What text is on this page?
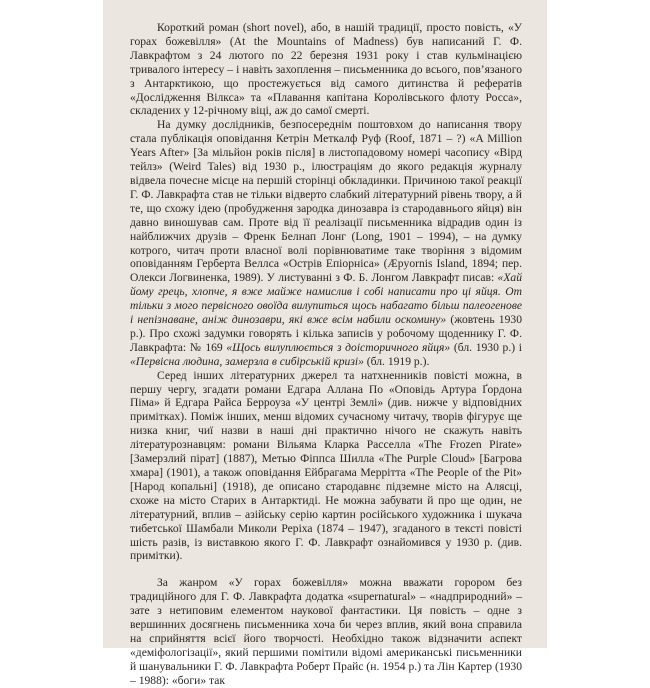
Короткий роман (short novel), або, в нашій традиції, просто повість, «У горах божевілля» (At the Mountains of Madness) був написаний Г. Ф. Лавкрафтом з 24 лютого по 22 березня 1931 року і став кульмінацією тривалого інтересу – і навіть захоплення – письменника до всього, пов’язаного з Антарктикою, що простежується від самого дитинства й рефератів «Дослідження Вілкса» та «Плавання капітана Королівського флоту Росса», складених у 12-річному віці, аж до самої смерті.

На думку дослідників, безпосереднім поштовхом до написання твору стала публікація оповідання Кетрін Меткалф Руф (Roof, 1871 – ?) «A Million Years After» [За мільйон років після] в листопадовому номері часопису «Вірд тейлз» (Weird Tales) від 1930 р., ілюстраціям до якого редакція журналу відвела почесне місце на першій сторінці обкладинки. Причиною такої реакції Г. Ф. Лавкрафта став не тільки відверто слабкий літературний рівень твору, а й те, що схожу ідею (пробудження зародка динозавра із стародавнього яйця) він давно виношував сам. Проте від її реалізації письменника відрадив один із найближчих друзів – Френк Белнап Лонг (Long, 1901 – 1994), – на думку котрого, читач проти власної волі порівнюватиме таке творіння з відомим оповіданням Герберта Веллса «Острів Епіорніса» (Æpyornis Island, 1894; пер. Олекси Логвиненка, 1989). У листуванні з Ф. Б. Лонгом Лавкрафт писав: «Хай йому грець, хлопче, я вже майже намислив і собі написати про ці яйця. От тільки з мого первісного овоїда вилупиться щось набагато більш палеогенове і непізнаване, аніж динозаври, які вже всім набили оскомину» (жовтень 1930 р.). Про схожі задумки говорять і кілька записів у робочому щоденнику Г. Ф. Лавкрафта: № 169 «Щось вилуплюється з доісторичного яйця» (бл. 1930 р.) і «Первісна людина, замерзла в сибірській кризі» (бл. 1919 р.).

Серед інших літературних джерел та натхненників повісті можна, в першу чергу, згадати романи Едгара Аллана По «Оповідь Артура Ґордона Піма» й Едгара Райса Берроуза «У центрі Землі» (див. нижче у відповідних примітках). Поміж інших, менш відомих сучасному читачу, творів фігурує ще низка книг, чиї назви в наші дні практично нічого не скажуть навіть літературознавцям: романи Вільяма Кларка Расселла «The Frozen Pirate» [Замерзлий пірат] (1887), Метью Фіппса Шилла «The Purple Cloud» [Багрова хмара] (1901), а також оповідання Ейбрагама Меррітта «The People of the Pit» [Народ копальні] (1918), де описано стародавнє підземне місто на Алясці, схоже на місто Старих в Антарктиді. Не можна забувати й про ще один, не літературний, вплив – азійську серію картин російського художника і шукача тибетської Шамбали Миколи Реріха (1874 – 1947), згаданого в тексті повісті шість разів, із виставкою якого Г. Ф. Лавкрафт ознайомився у 1930 р. (див. примітки).

За жанром «У горах божевілля» можна вважати горором без традиційного для Г. Ф. Лавкрафта додатка «supernatural» – «надприродний» – зате з нетиповим елементом наукової фантастики. Ця повість – одне з вершинних досягнень письменника хоча би через вплив, який вона справила на сприйняття всієї його творчості. Необхідно також відзначити аспект «деміфологізації», який першими помітили відомі американські письменники й шанувальники Г. Ф. Лавкрафта Роберт Прайс (н. 1954 р.) та Лін Картер (1930 – 1988): «боги» так
